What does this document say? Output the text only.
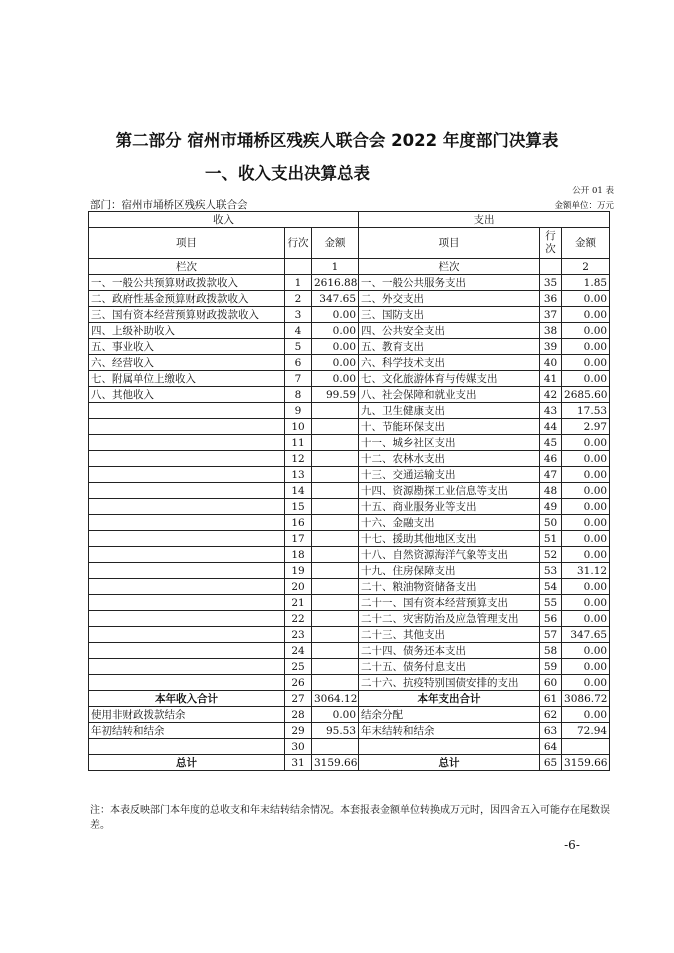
第二部分 宿州市埇桥区残疾人联合会 2022 年度部门决算表
一、收入支出决算总表
公开 01 表
金额单位：万元
部门：宿州市埇桥区残疾人联合会
收入			支出		
项目	行次	金额	项目	行次	金额
栏次		1	栏次		2
一、一般公共预算财政拨款收入	1	2616.88	一、一般公共服务支出	35	1.85
二、政府性基金预算财政拨款收入	2	347.65	二、外交支出	36	0.00
三、国有资本经营预算财政拨款收入	3	0.00	三、国防支出	37	0.00
四、上级补助收入	4	0.00	四、公共安全支出	38	0.00
五、事业收入	5	0.00	五、教育支出	39	0.00
六、经营收入	6	0.00	六、科学技术支出	40	0.00
七、附属单位上缴收入	7	0.00	七、文化旅游体育与传媒支出	41	0.00
八、其他收入	8	99.59	八、社会保障和就业支出	42	2685.60
	9		九、卫生健康支出	43	17.53
	10		十、节能环保支出	44	2.97
	11		十一、城乡社区支出	45	0.00
	12		十二、农林水支出	46	0.00
	13		十三、交通运输支出	47	0.00
	14		十四、资源勘探工业信息等支出	48	0.00
	15		十五、商业服务业等支出	49	0.00
	16		十六、金融支出	50	0.00
	17		十七、援助其他地区支出	51	0.00
	18		十八、自然资源海洋气象等支出	52	0.00
	19		十九、住房保障支出	53	31.12
	20		二十、粮油物资储备支出	54	0.00
	21		二十一、国有资本经营预算支出	55	0.00
	22		二十二、灾害防治及应急管理支出	56	0.00
	23		二十三、其他支出	57	347.65
	24		二十四、债务还本支出	58	0.00
	25		二十五、债务付息支出	59	0.00
	26		二十六、抗疫特别国债安排的支出	60	0.00
本年收入合计	27	3064.12	本年支出合计	61	3086.72
使用非财政拨款结余	28	0.00	结余分配	62	0.00
年初结转和结余	29	95.53	年末结转和结余	63	72.94
	30			64	
总计	31	3159.66	总计	65	3159.66
注：本表反映部门本年度的总收支和年末结转结余情况。本套报表金额单位转换成万元时，因四舍五入可能存在尾数误差。
-6-
